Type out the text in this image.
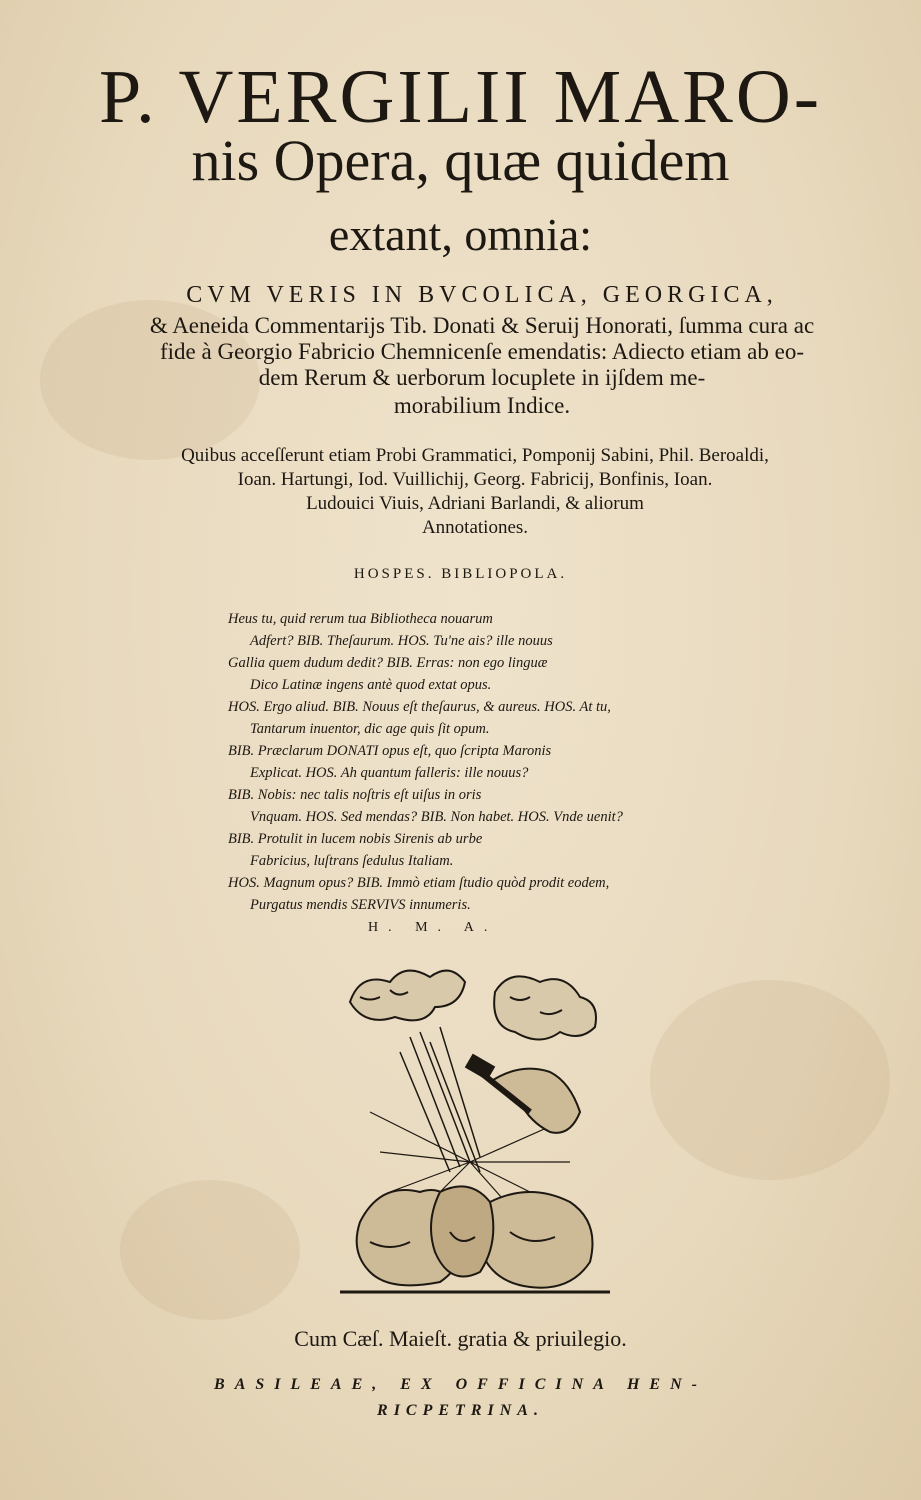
P. VERGILII MARO-
nis Opera, quæ quidem
extant, omnia:
CVM VERIS IN BVCOLICA, GEORGICA,
& Aeneida Commentarijs Tib. Donati & Seruij Honorati, ſumma cura ac
fide à Georgio Fabricio Chemnicenſe emendatis: Adiecto etiam ab eo-
dem Rerum & uerborum locuplete in ijſdem me-
morabilium Indice.
Quibus acceſſerunt etiam Probi Grammatici, Pomponij Sabini, Phil. Beroaldi,
Ioan. Hartungi, Iod. Vuillichij, Georg. Fabricij, Bonfinis, Ioan.
Ludouici Viuis, Adriani Barlandi, & aliorum
Annotationes.
HOSPES. BIBLIOPOLA.
Heus tu, quid rerum tua Bibliotheca nouarum
Adfert? BIB. Theſaurum. HOS. Tu'ne ais? ille nouus
Gallia quem dudum dedit? BIB. Erras: non ego linguæ
Dico Latinæ ingens antè quod extat opus.
HOS. Ergo aliud. BIB. Nouus eſt theſaurus, & aureus. HOS. At tu,
Tantarum inuentor, dic age quis ſit opum.
BIB. Præclarum DONATI opus eſt, quo ſcripta Maronis
Explicat. HOS. Ah quantum falleris: ille nouus?
BIB. Nobis: nec talis noſtris eſt uiſus in oris
Vnquam. HOS. Sed mendas? BIB. Non habet. HOS. Vnde uenit?
BIB. Protulit in lucem nobis Sirenis ab urbe
Fabricius, luſtrans ſedulus Italiam.
HOS. Magnum opus? BIB. Immò etiam ſtudio quòd prodit eodem,
Purgatus mendis SERVIVS innumeris.
H. M. A.
Cum Cæſ. Maieſt. gratia & priuilegio.
BASILEAE, EX OFFICINA HEN-
RICPETRINA.
